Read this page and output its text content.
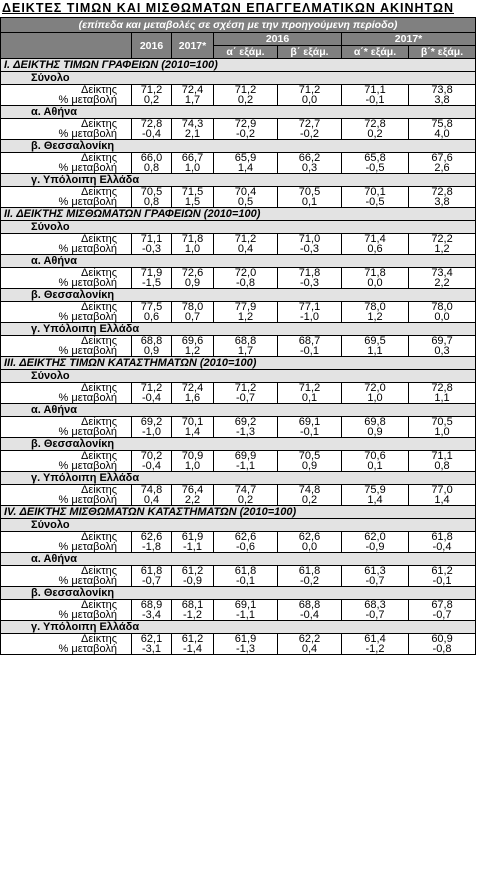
ΔΕΙΚΤΕΣ ΤΙΜΩΝ ΚΑΙ ΜΙΣΘΩΜΑΤΩΝ ΕΠΑΓΓΕΛΜΑΤΙΚΩΝ ΑΚΙΝΗΤΩΝ
(επίπεδα και μεταβολές σε σχέση με την προηγούμενη περίοδο)						
	2016	2017*	2016		2017*	
			α΄ εξάμ.	β΄ εξάμ.	α΄* εξάμ.	β΄* εξάμ.
I. ΔΕΙΚΤΗΣ ΤΙΜΩΝ ΓΡΑΦΕΙΩΝ (2010=100)						
Σύνολο						
Δείκτης	71,2	72,4	71,2	71,2	71,1	73,8
% μεταβολή	0,2	1,7	0,2	0,0	-0,1	3,8
α. Αθήνα						
Δείκτης	72,8	74,3	72,9	72,7	72,8	75,8
% μεταβολή	-0,4	2,1	-0,2	-0,2	0,2	4,0
β. Θεσσαλονίκη						
Δείκτης	66,0	66,7	65,9	66,2	65,8	67,6
% μεταβολή	0,8	1,0	1,4	0,3	-0,5	2,6
γ. Υπόλοιπη Ελλάδα						
Δείκτης	70,5	71,5	70,4	70,5	70,1	72,8
% μεταβολή	0,8	1,5	0,5	0,1	-0,5	3,8
II. ΔΕΙΚΤΗΣ ΜΙΣΘΩΜΑΤΩΝ ΓΡΑΦΕΙΩΝ (2010=100)						
Σύνολο						
Δείκτης	71,1	71,8	71,2	71,0	71,4	72,2
% μεταβολή	-0,3	1,0	0,4	-0,3	0,6	1,2
α. Αθήνα						
Δείκτης	71,9	72,6	72,0	71,8	71,8	73,4
% μεταβολή	-1,5	0,9	-0,8	-0,3	0,0	2,2
β. Θεσσαλονίκη						
Δείκτης	77,5	78,0	77,9	77,1	78,0	78,0
% μεταβολή	0,6	0,7	1,2	-1,0	1,2	0,0
γ. Υπόλοιπη Ελλάδα						
Δείκτης	68,8	69,6	68,8	68,7	69,5	69,7
% μεταβολή	0,9	1,2	1,7	-0,1	1,1	0,3
III. ΔΕΙΚΤΗΣ ΤΙΜΩΝ ΚΑΤΑΣΤΗΜΑΤΩΝ (2010=100)						
Σύνολο						
Δείκτης	71,2	72,4	71,2	71,2	72,0	72,8
% μεταβολή	-0,4	1,6	-0,7	0,1	1,0	1,1
α. Αθήνα						
Δείκτης	69,2	70,1	69,2	69,1	69,8	70,5
% μεταβολή	-1,0	1,4	-1,3	-0,1	0,9	1,0
β. Θεσσαλονίκη						
Δείκτης	70,2	70,9	69,9	70,5	70,6	71,1
% μεταβολή	-0,4	1,0	-1,1	0,9	0,1	0,8
γ. Υπόλοιπη Ελλάδα						
Δείκτης	74,8	76,4	74,7	74,8	75,9	77,0
% μεταβολή	0,4	2,2	0,2	0,2	1,4	1,4
IV. ΔΕΙΚΤΗΣ ΜΙΣΘΩΜΑΤΩΝ ΚΑΤΑΣΤΗΜΑΤΩΝ (2010=100)						
Σύνολο						
Δείκτης	62,6	61,9	62,6	62,6	62,0	61,8
% μεταβολή	-1,8	-1,1	-0,6	0,0	-0,9	-0,4
α. Αθήνα						
Δείκτης	61,8	61,2	61,8	61,8	61,3	61,2
% μεταβολή	-0,7	-0,9	-0,1	-0,2	-0,7	-0,1
β. Θεσσαλονίκη						
Δείκτης	68,9	68,1	69,1	68,8	68,3	67,8
% μεταβολή	-3,4	-1,2	-1,1	-0,4	-0,7	-0,7
γ. Υπόλοιπη Ελλάδα						
Δείκτης	62,1	61,2	61,9	62,2	61,4	60,9
% μεταβολή	-3,1	-1,4	-1,3	0,4	-1,2	-0,8
